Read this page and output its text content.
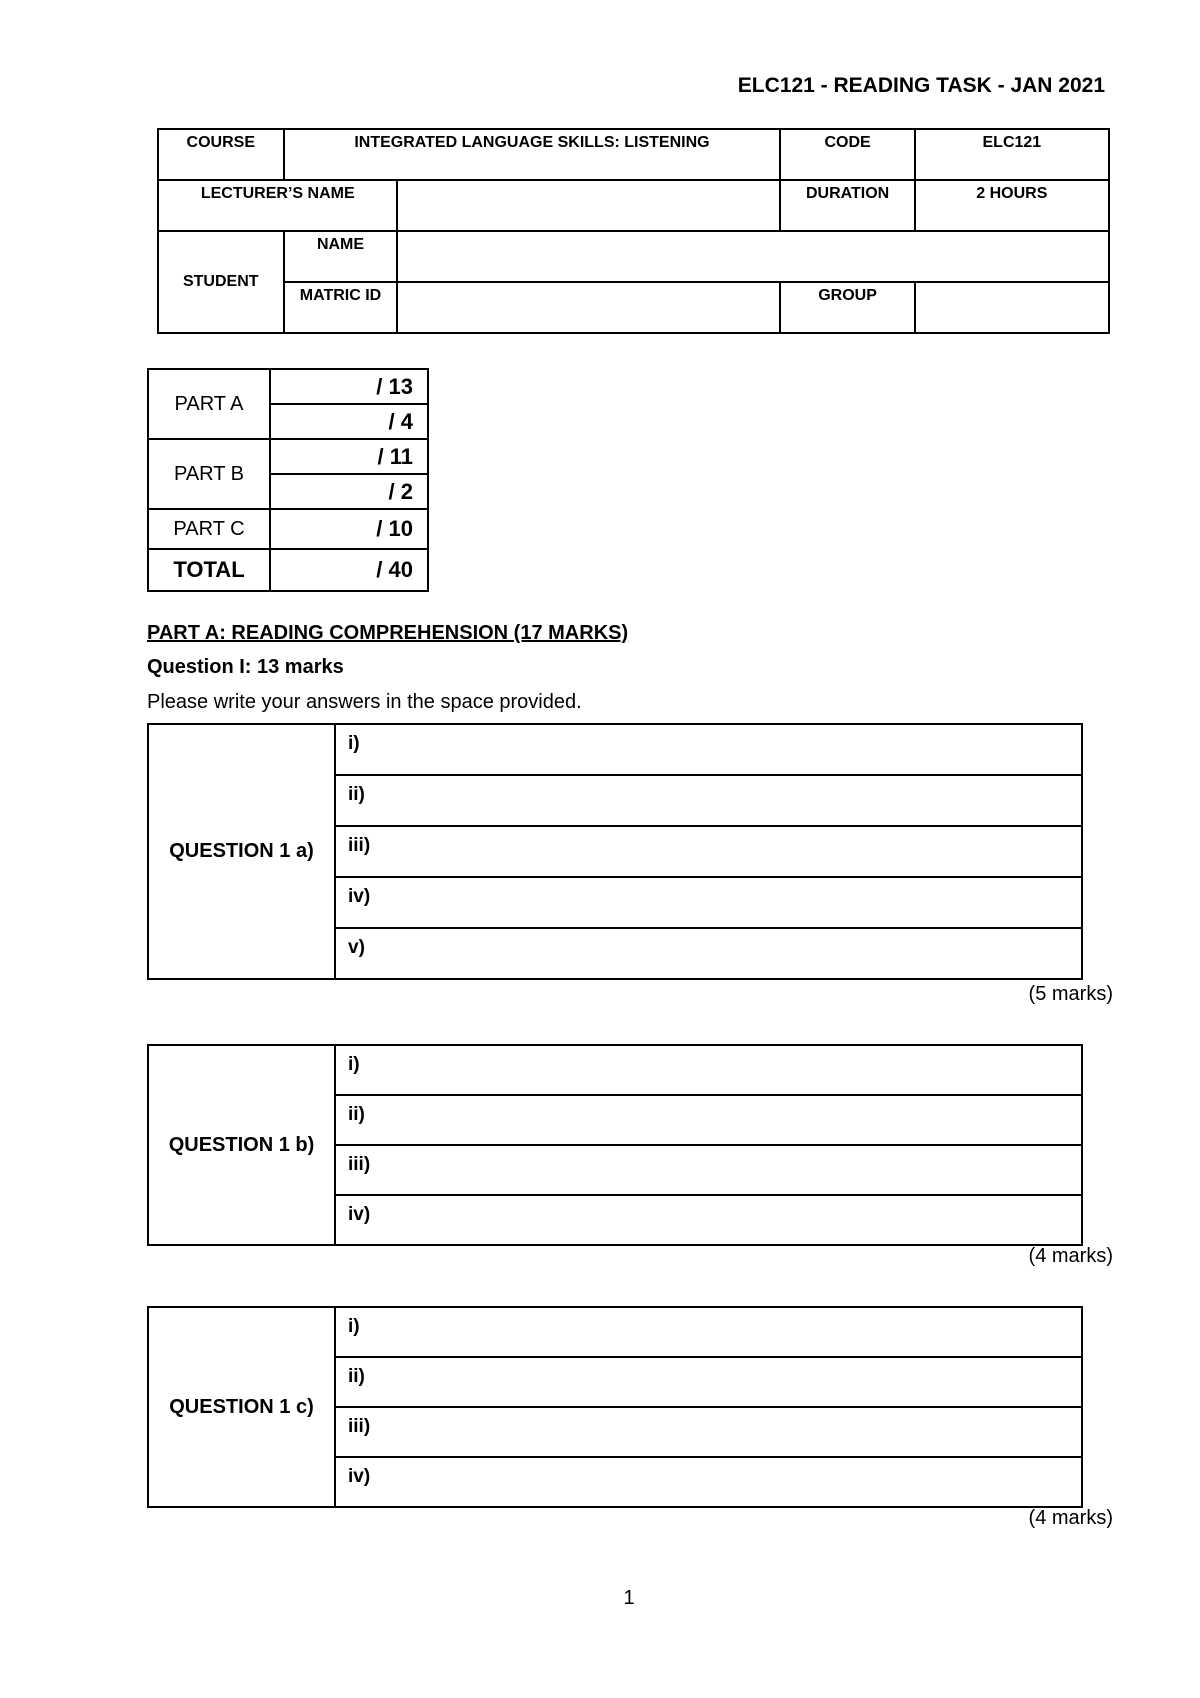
ELC121 - READING TASK - JAN 2021
COURSE	INTEGRATED LANGUAGE SKILLS: LISTENING		CODE	ELC121
LECTURER’S NAME			DURATION	2 HOURS
STUDENT	NAME			
	MATRIC ID		GROUP	
PART A	/ 13
	/ 4
PART B	/ 11
	/ 2
PART C	/ 10
TOTAL	/ 40
PART A: READING COMPREHENSION (17 MARKS)
Question I: 13 marks
Please write your answers in the space provided.
QUESTION 1 a)	i)
ii)
iii)
iv)
v)
(5 marks)
QUESTION 1 b)	i)
ii)
iii)
iv)
(4 marks)
QUESTION 1 c)	i)
ii)
iii)
iv)
(4 marks)
1
